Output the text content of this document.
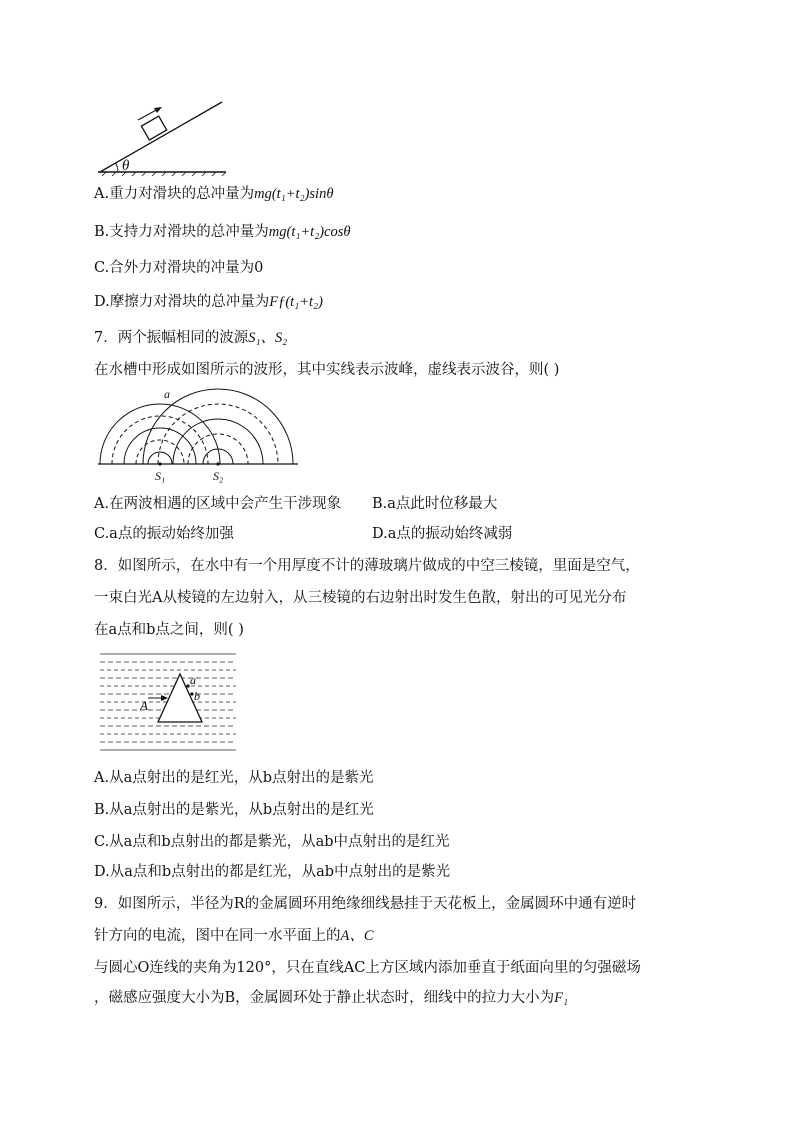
θ
A.重力对滑块的总冲量为mg(t₁+t₂)sinθ
B.支持力对滑块的总冲量为mg(t₁+t₂)cosθ
C.合外力对滑块的冲量为0
D.摩擦力对滑块的总冲量为Fƒ(t₁+t₂)
7．两个振幅相同的波源S₁、S₂
在水槽中形成如图所示的波形，其中实线表示波峰，虚线表示波谷，则( )
a
S₁	S₂
A.在两波相遇的区域中会产生干涉现象 B.a点此时位移最大
C.a点的振动始终加强	D.a点的振动始终减弱
8．如图所示，在水中有一个用厚度不计的薄玻璃片做成的中空三棱镜，里面是空气，
一束白光A从棱镜的左边射入，从三棱镜的右边射出时发生色散，射出的可见光分布
在a点和b点之间，则( )
A
a
b
A.从a点射出的是红光，从b点射出的是紫光
B.从a点射出的是紫光，从b点射出的是红光
C.从a点和b点射出的都是紫光，从ab中点射出的是红光
D.从a点和b点射出的都是红光，从ab中点射出的是紫光
9．如图所示，半径为R的金属圆环用绝缘细线悬挂于天花板上，金属圆环中通有逆时
针方向的电流，图中在同一水平面上的A、C
与圆心O连线的夹角为120°，只在直线AC上方区域内添加垂直于纸面向里的匀强磁场
，磁感应强度大小为B，金属圆环处于静止状态时，细线中的拉力大小为F₁
